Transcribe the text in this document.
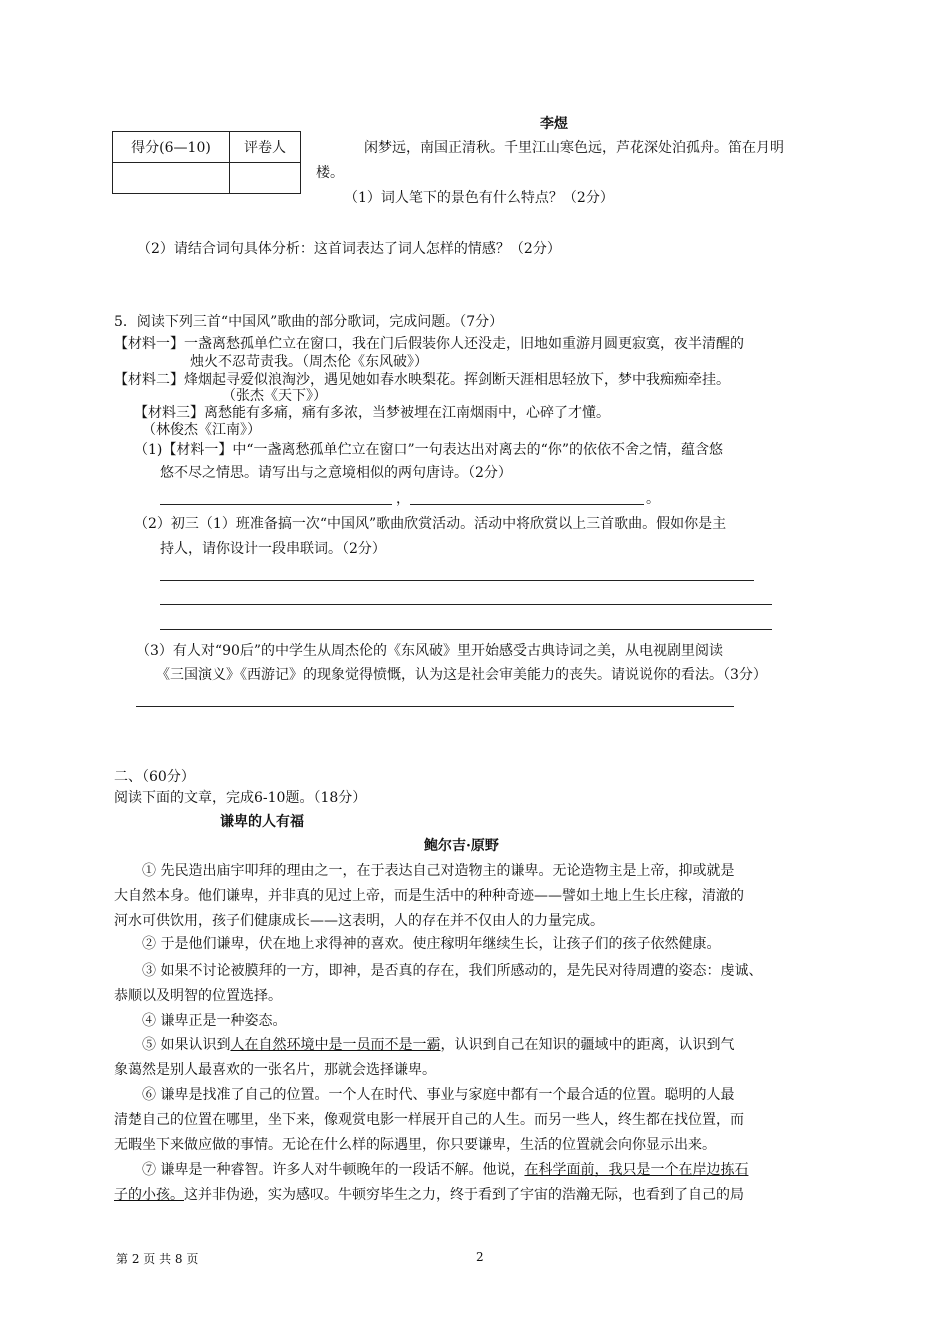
得分(6—10)	评卷人

李煜
闲梦远，南国正清秋。千里江山寒色远，芦花深处泊孤舟。笛在月明
楼。
（1）词人笔下的景色有什么特点？（2分）
（2）请结合词句具体分析：这首词表达了词人怎样的情感？（2分）
5．阅读下列三首“中国风”歌曲的部分歌词，完成问题。（7分）
【材料一】一盏离愁孤单伫立在窗口，我在门后假装你人还没走，旧地如重游月圆更寂寞，夜半清醒的
烛火不忍苛责我。（周杰伦《东风破》）
【材料二】烽烟起寻爱似浪淘沙，遇见她如春水映梨花。挥剑断天涯相思轻放下，梦中我痴痴牵挂。
（张杰《天下》）
【材料三】离愁能有多痛，痛有多浓，当梦被埋在江南烟雨中，心碎了才懂。
（林俊杰《江南》）
（1)【材料一】中“一盏离愁孤单伫立在窗口”一句表达出对离去的“你”的依依不舍之情，蕴含悠
悠不尽之情思。请写出与之意境相似的两句唐诗。（2分）
，	。
（2）初三（1）班准备搞一次“中国风”歌曲欣赏活动。活动中将欣赏以上三首歌曲。假如你是主
持人，请你设计一段串联词。（2分）
（3）有人对“90后”的中学生从周杰伦的《东风破》里开始感受古典诗词之美，从电视剧里阅读
《三国演义》《西游记》的现象觉得愤慨，认为这是社会审美能力的丧失。请说说你的看法。（3分）
二、（60分）
阅读下面的文章，完成6-10题。（18分）
谦卑的人有福
鲍尔吉·原野
① 先民造出庙宇叩拜的理由之一，在于表达自己对造物主的谦卑。无论造物主是上帝，抑或就是
大自然本身。他们谦卑，并非真的见过上帝，而是生活中的种种奇迹——譬如土地上生长庄稼，清澈的
河水可供饮用，孩子们健康成长——这表明，人的存在并不仅由人的力量完成。
② 于是他们谦卑，伏在地上求得神的喜欢。使庄稼明年继续生长，让孩子们的孩子依然健康。
③ 如果不讨论被膜拜的一方，即神，是否真的存在，我们所感动的，是先民对待周遭的姿态：虔诚、
恭顺以及明智的位置选择。
④ 谦卑正是一种姿态。
⑤ 如果认识到人在自然环境中是一员而不是一霸，认识到自己在知识的疆域中的距离，认识到气
象蔼然是别人最喜欢的一张名片，那就会选择谦卑。
⑥ 谦卑是找准了自己的位置。一个人在时代、事业与家庭中都有一个最合适的位置。聪明的人最
清楚自己的位置在哪里，坐下来，像观赏电影一样展开自己的人生。而另一些人，终生都在找位置，而
无暇坐下来做应做的事情。无论在什么样的际遇里，你只要谦卑，生活的位置就会向你显示出来。
⑦ 谦卑是一种睿智。许多人对牛顿晚年的一段话不解。他说，在科学面前，我只是一个在岸边拣石
子的小孩。这并非伪逊，实为感叹。牛顿穷毕生之力，终于看到了宇宙的浩瀚无际，也看到了自己的局
第 2 页 共 8 页	2
